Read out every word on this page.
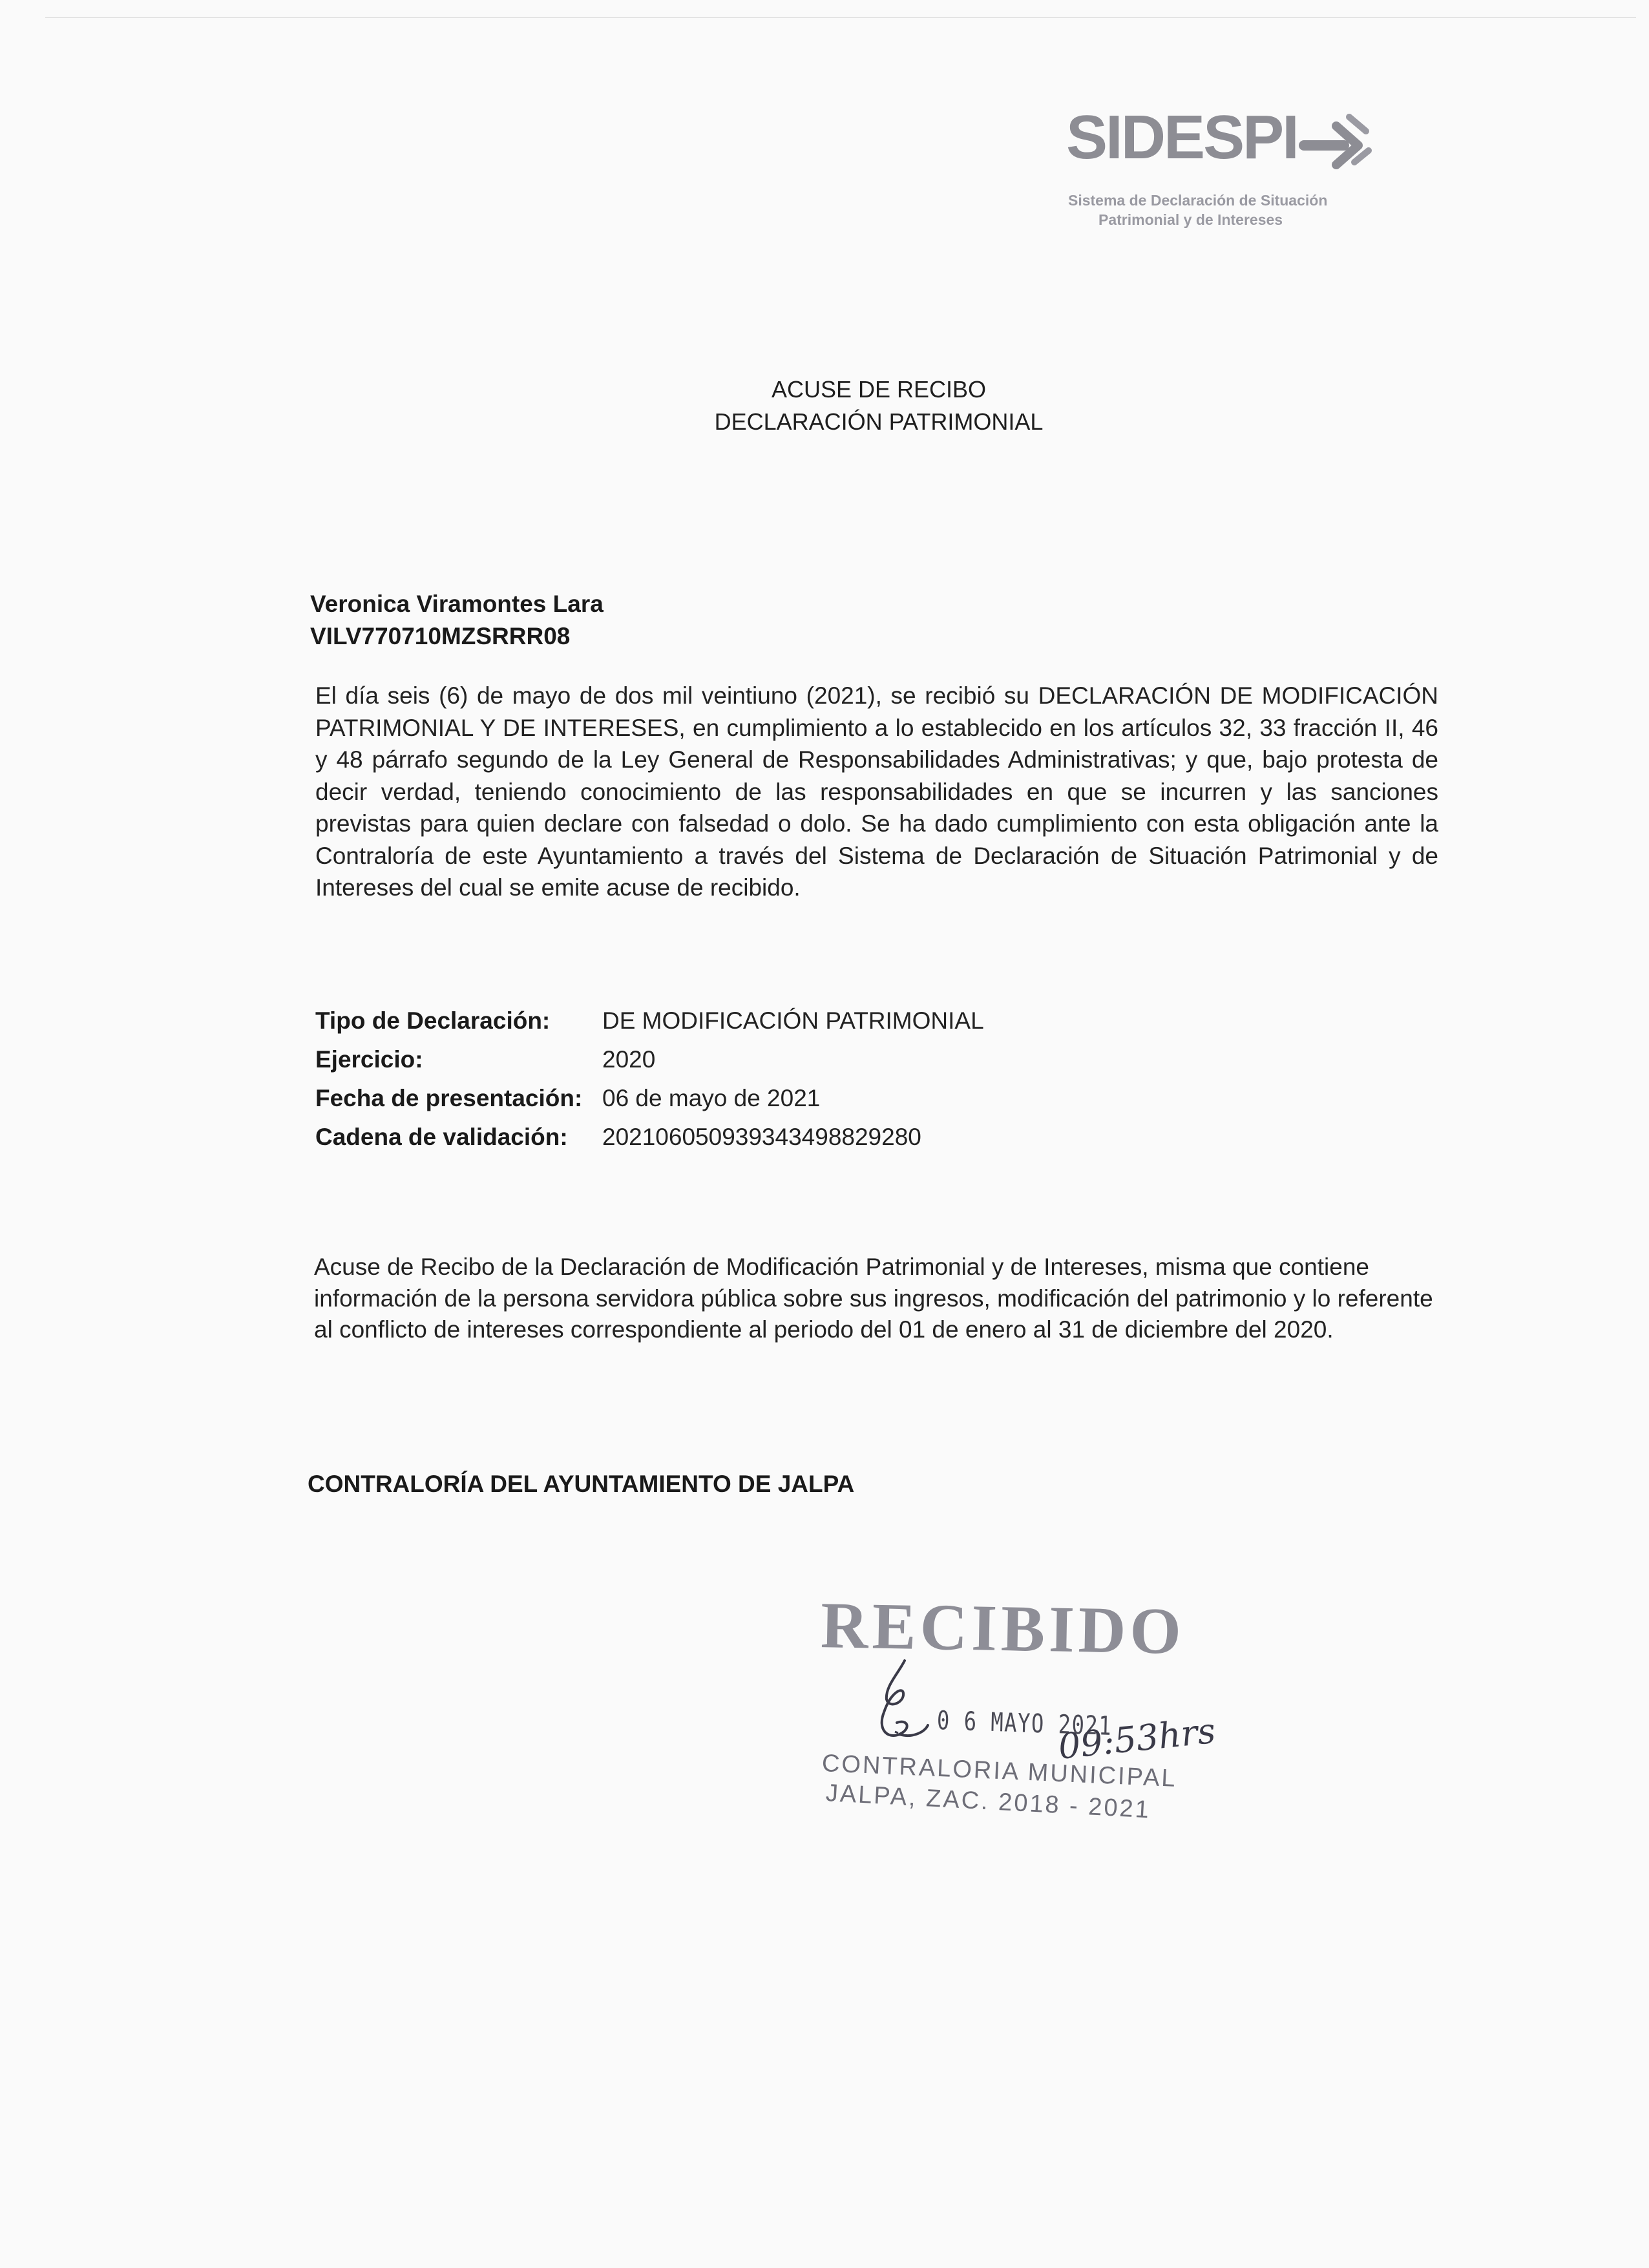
SIDESPI
Sistema de Declaración de Situación
Patrimonial y de Intereses
ACUSE DE RECIBO
DECLARACIÓN PATRIMONIAL
Veronica Viramontes Lara
VILV770710MZSRRR08
El día seis (6) de mayo de dos mil veintiuno (2021), se recibió su DECLARACIÓN DE MODIFICACIÓN PATRIMONIAL Y DE INTERESES, en cumplimiento a lo establecido en los artículos 32, 33 fracción II, 46 y 48 párrafo segundo de la Ley General de Responsabilidades Administrativas; y que, bajo protesta de decir verdad, teniendo conocimiento de las responsabilidades en que se incurren y las sanciones previstas para quien declare con falsedad o dolo. Se ha dado cumplimiento con esta obligación ante la Contraloría de este Ayuntamiento a través del Sistema de Declaración de Situación Patrimonial y de Intereses del cual se emite acuse de recibido.
Tipo de Declaración:	DE MODIFICACIÓN PATRIMONIAL
Ejercicio:	2020
Fecha de presentación: 06 de mayo de 2021
Cadena de validación:	20210605093934349882928​0
Acuse de Recibo de la Declaración de Modificación Patrimonial y de Intereses, misma que contiene información de la persona servidora pública sobre sus ingresos, modificación del patrimonio y lo referente al conflicto de intereses correspondiente al periodo del 01 de enero al 31 de diciembre del 2020.
CONTRALORÍA DEL AYUNTAMIENTO DE JALPA
RECIBIDO
0 6 MAYO 2021
CONTRALORIA MUNICIPAL
JALPA, ZAC. 2018 - 2021
09:53hrs
